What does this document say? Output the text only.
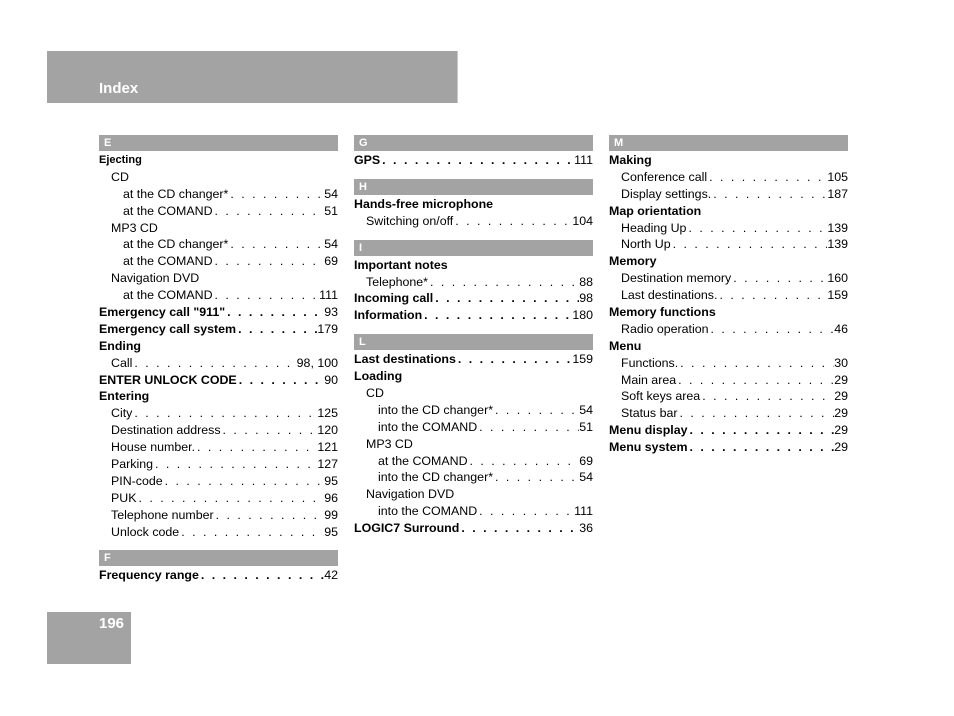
Index
E
Ejecting
CD
at the CD changer* . . .	54
at the COMAND . . .	51
MP3 CD
at the CD changer* . . .	54
at the COMAND . . .	69
Navigation DVD
at the COMAND . . .	111
Emergency call "911" . . .	93
Emergency call system . . .	179
Ending
Call . . .	98, 100
ENTER UNLOCK CODE . . .	90
Entering
City . . .	125
Destination address . . .	120
House number. . . .	121
Parking . . .	127
PIN-code . . .	95
PUK . . .	96
Telephone number . . .	99
Unlock code . . .	95
F
Frequency range . . .	42
G
GPS . . .	111
H
Hands-free microphone
Switching on/off . . .	104
I
Important notes
Telephone* . . .	88
Incoming call . . .	98
Information . . .	180
L
Last destinations . . .	159
Loading
CD
into the CD changer* . . .	54
into the COMAND . . .	51
MP3 CD
at the COMAND . . .	69
into the CD changer* . . .	54
Navigation DVD
into the COMAND . . .	111
LOGIC7 Surround . . .	36
M
Making
Conference call . . .	105
Display settings. . . .	187
Map orientation
Heading Up . . .	139
North Up . . .	139
Memory
Destination memory . . .	160
Last destinations. . . .	159
Memory functions
Radio operation . . .	46
Menu
Functions. . . .	30
Main area . . .	29
Soft keys area . . .	29
Status bar . . .	29
Menu display . . .	29
Menu system . . .	29
196
